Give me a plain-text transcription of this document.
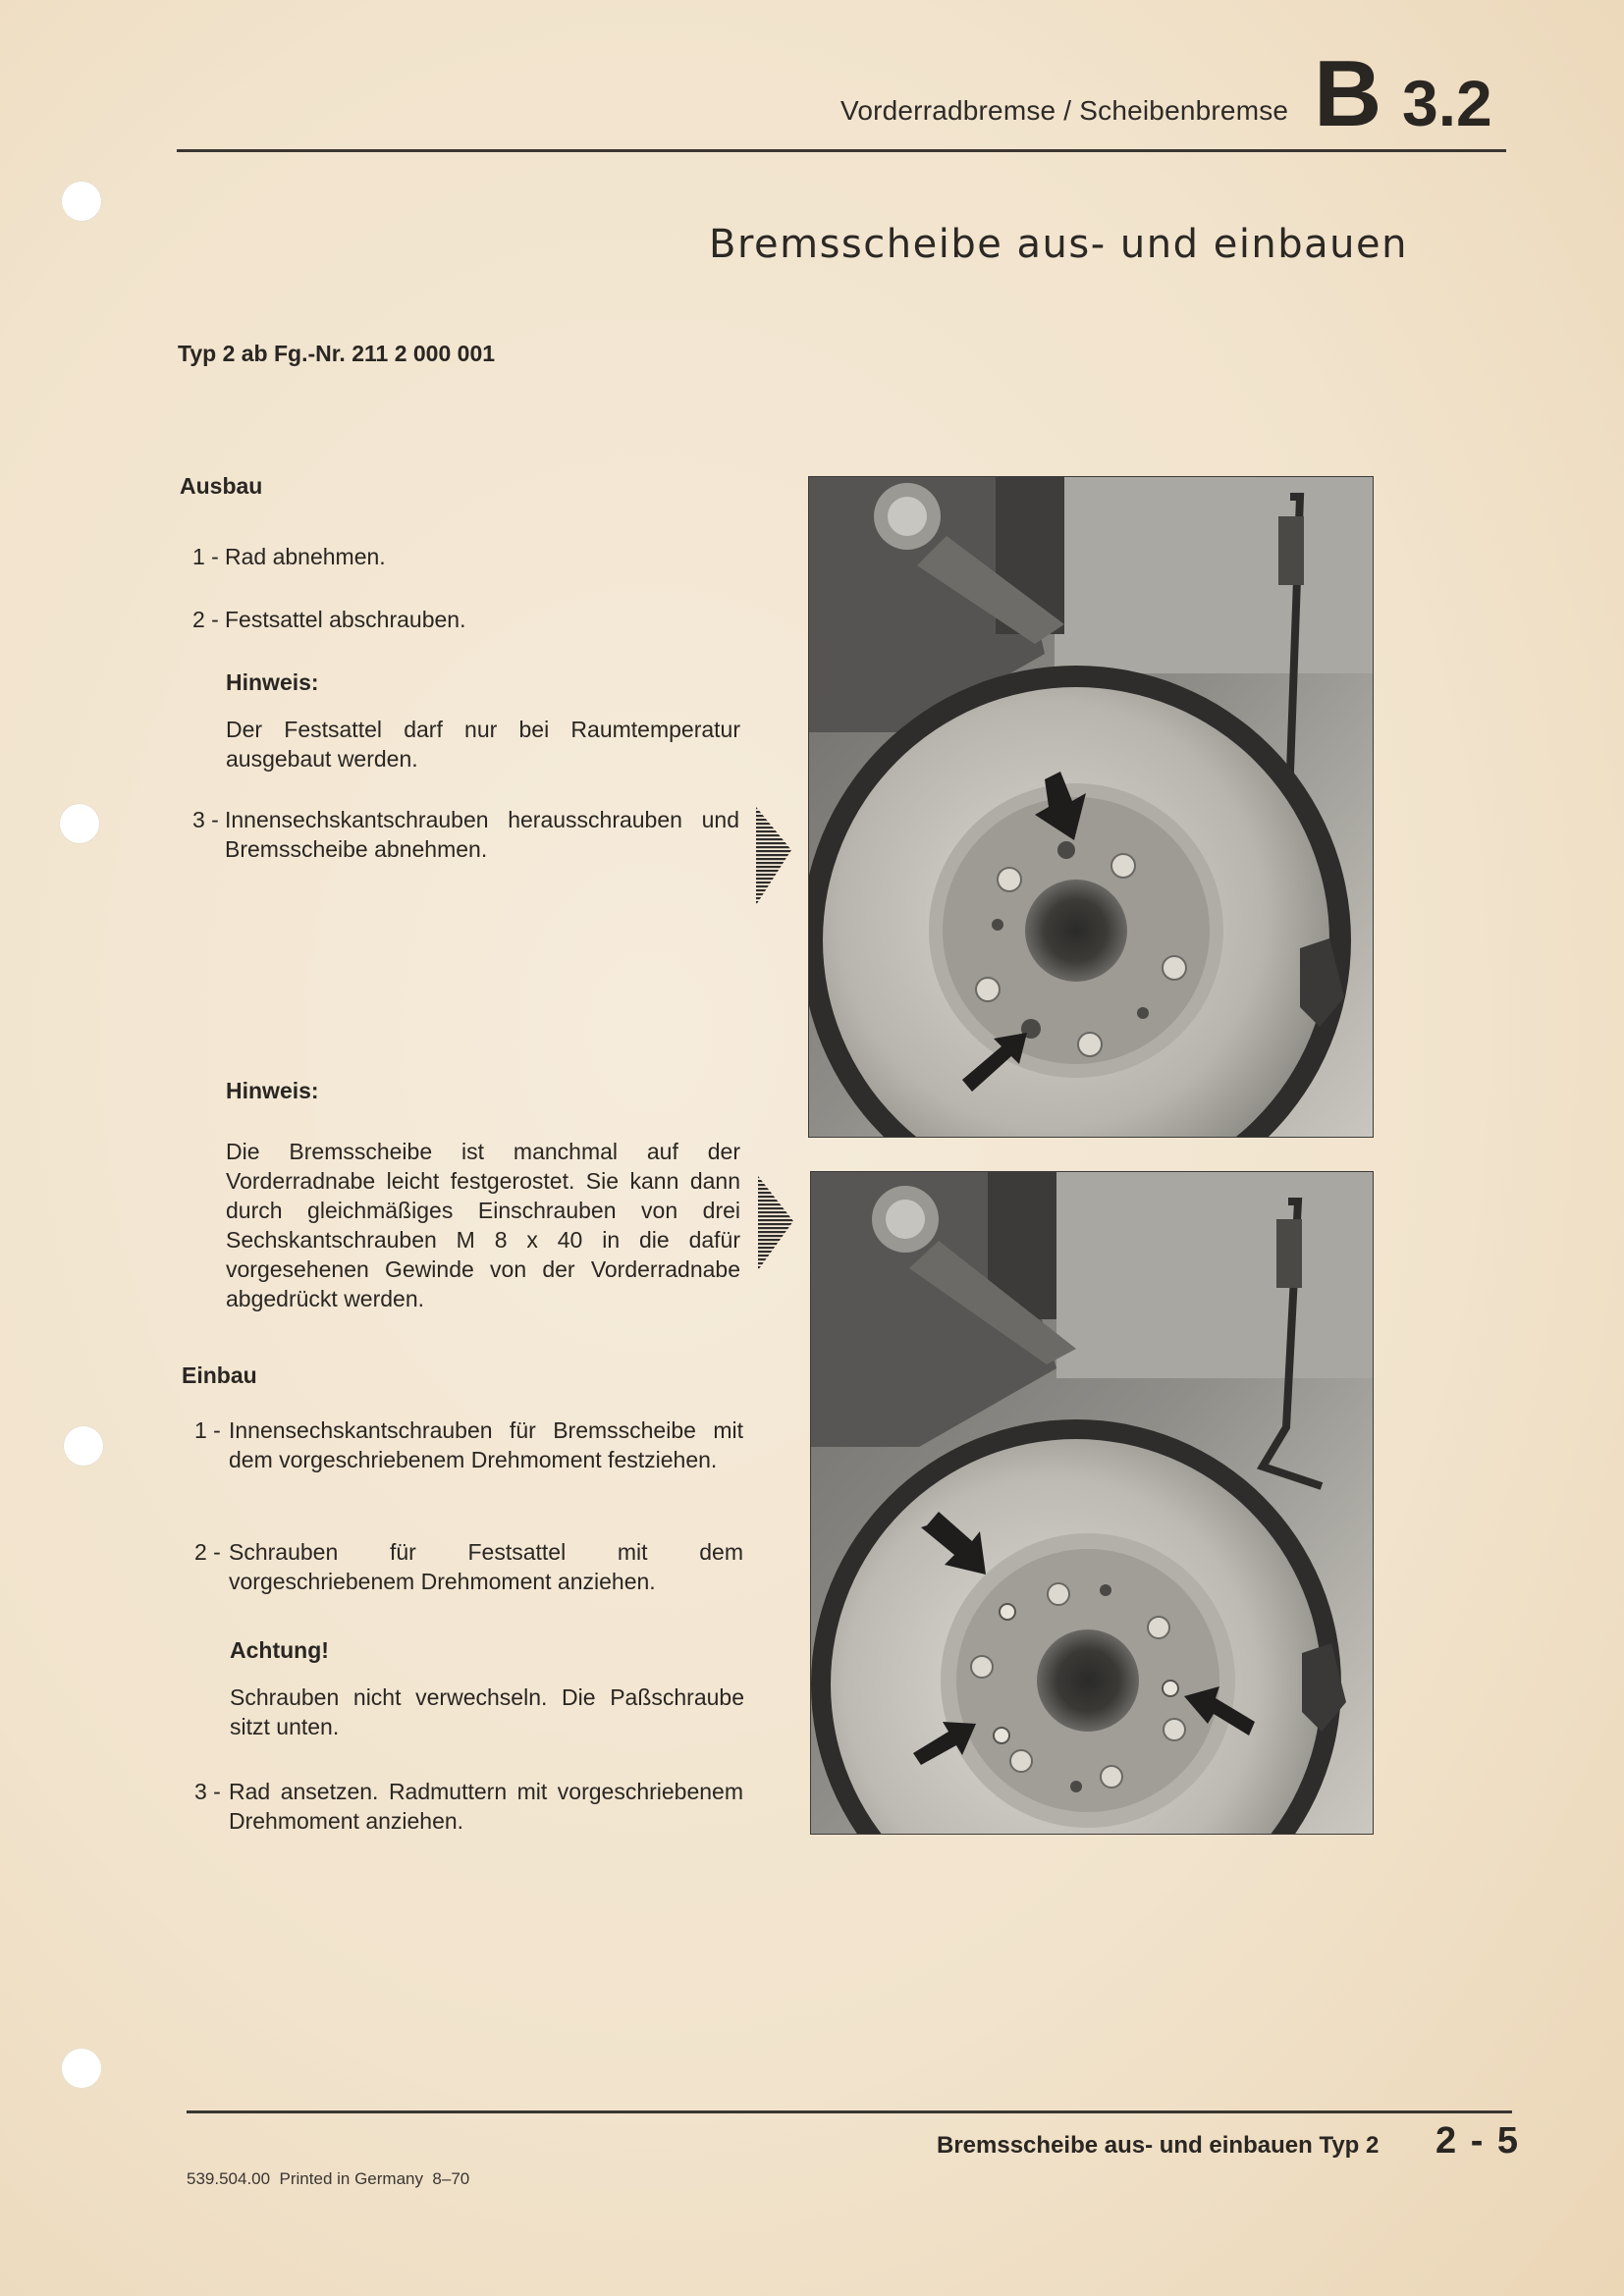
Vorderradbremse / Scheibenbremse B 3.2
Bremsscheibe aus- und einbauen
Typ 2 ab Fg.-Nr. 211 2 000 001
Ausbau
1 - Rad abnehmen.
2 - Festsattel abschrauben.
Hinweis:
Der Festsattel darf nur bei Raumtemperatur ausgebaut werden.
3 - Innensechskantschrauben herausschrauben und Bremsscheibe abnehmen.
Hinweis:
Die Bremsscheibe ist manchmal auf der Vorderradnabe leicht festgerostet. Sie kann dann durch gleichmäßiges Einschrauben von drei Sechskantschrauben M 8 x 40 in die dafür vorgesehenen Gewinde von der Vorderradnabe abgedrückt werden.
Einbau
1 - Innensechskantschrauben für Bremsscheibe mit dem vorgeschriebenem Drehmoment festziehen.
2 - Schrauben für Festsattel mit dem vorgeschriebenem Drehmoment anziehen.
Achtung!
Schrauben nicht verwechseln. Die Paßschraube sitzt unten.
3 - Rad ansetzen. Radmuttern mit vorgeschriebenem Drehmoment anziehen.
Bremsscheibe aus- und einbauen Typ 2 2 - 5
539.504.00  Printed in Germany  8–70
